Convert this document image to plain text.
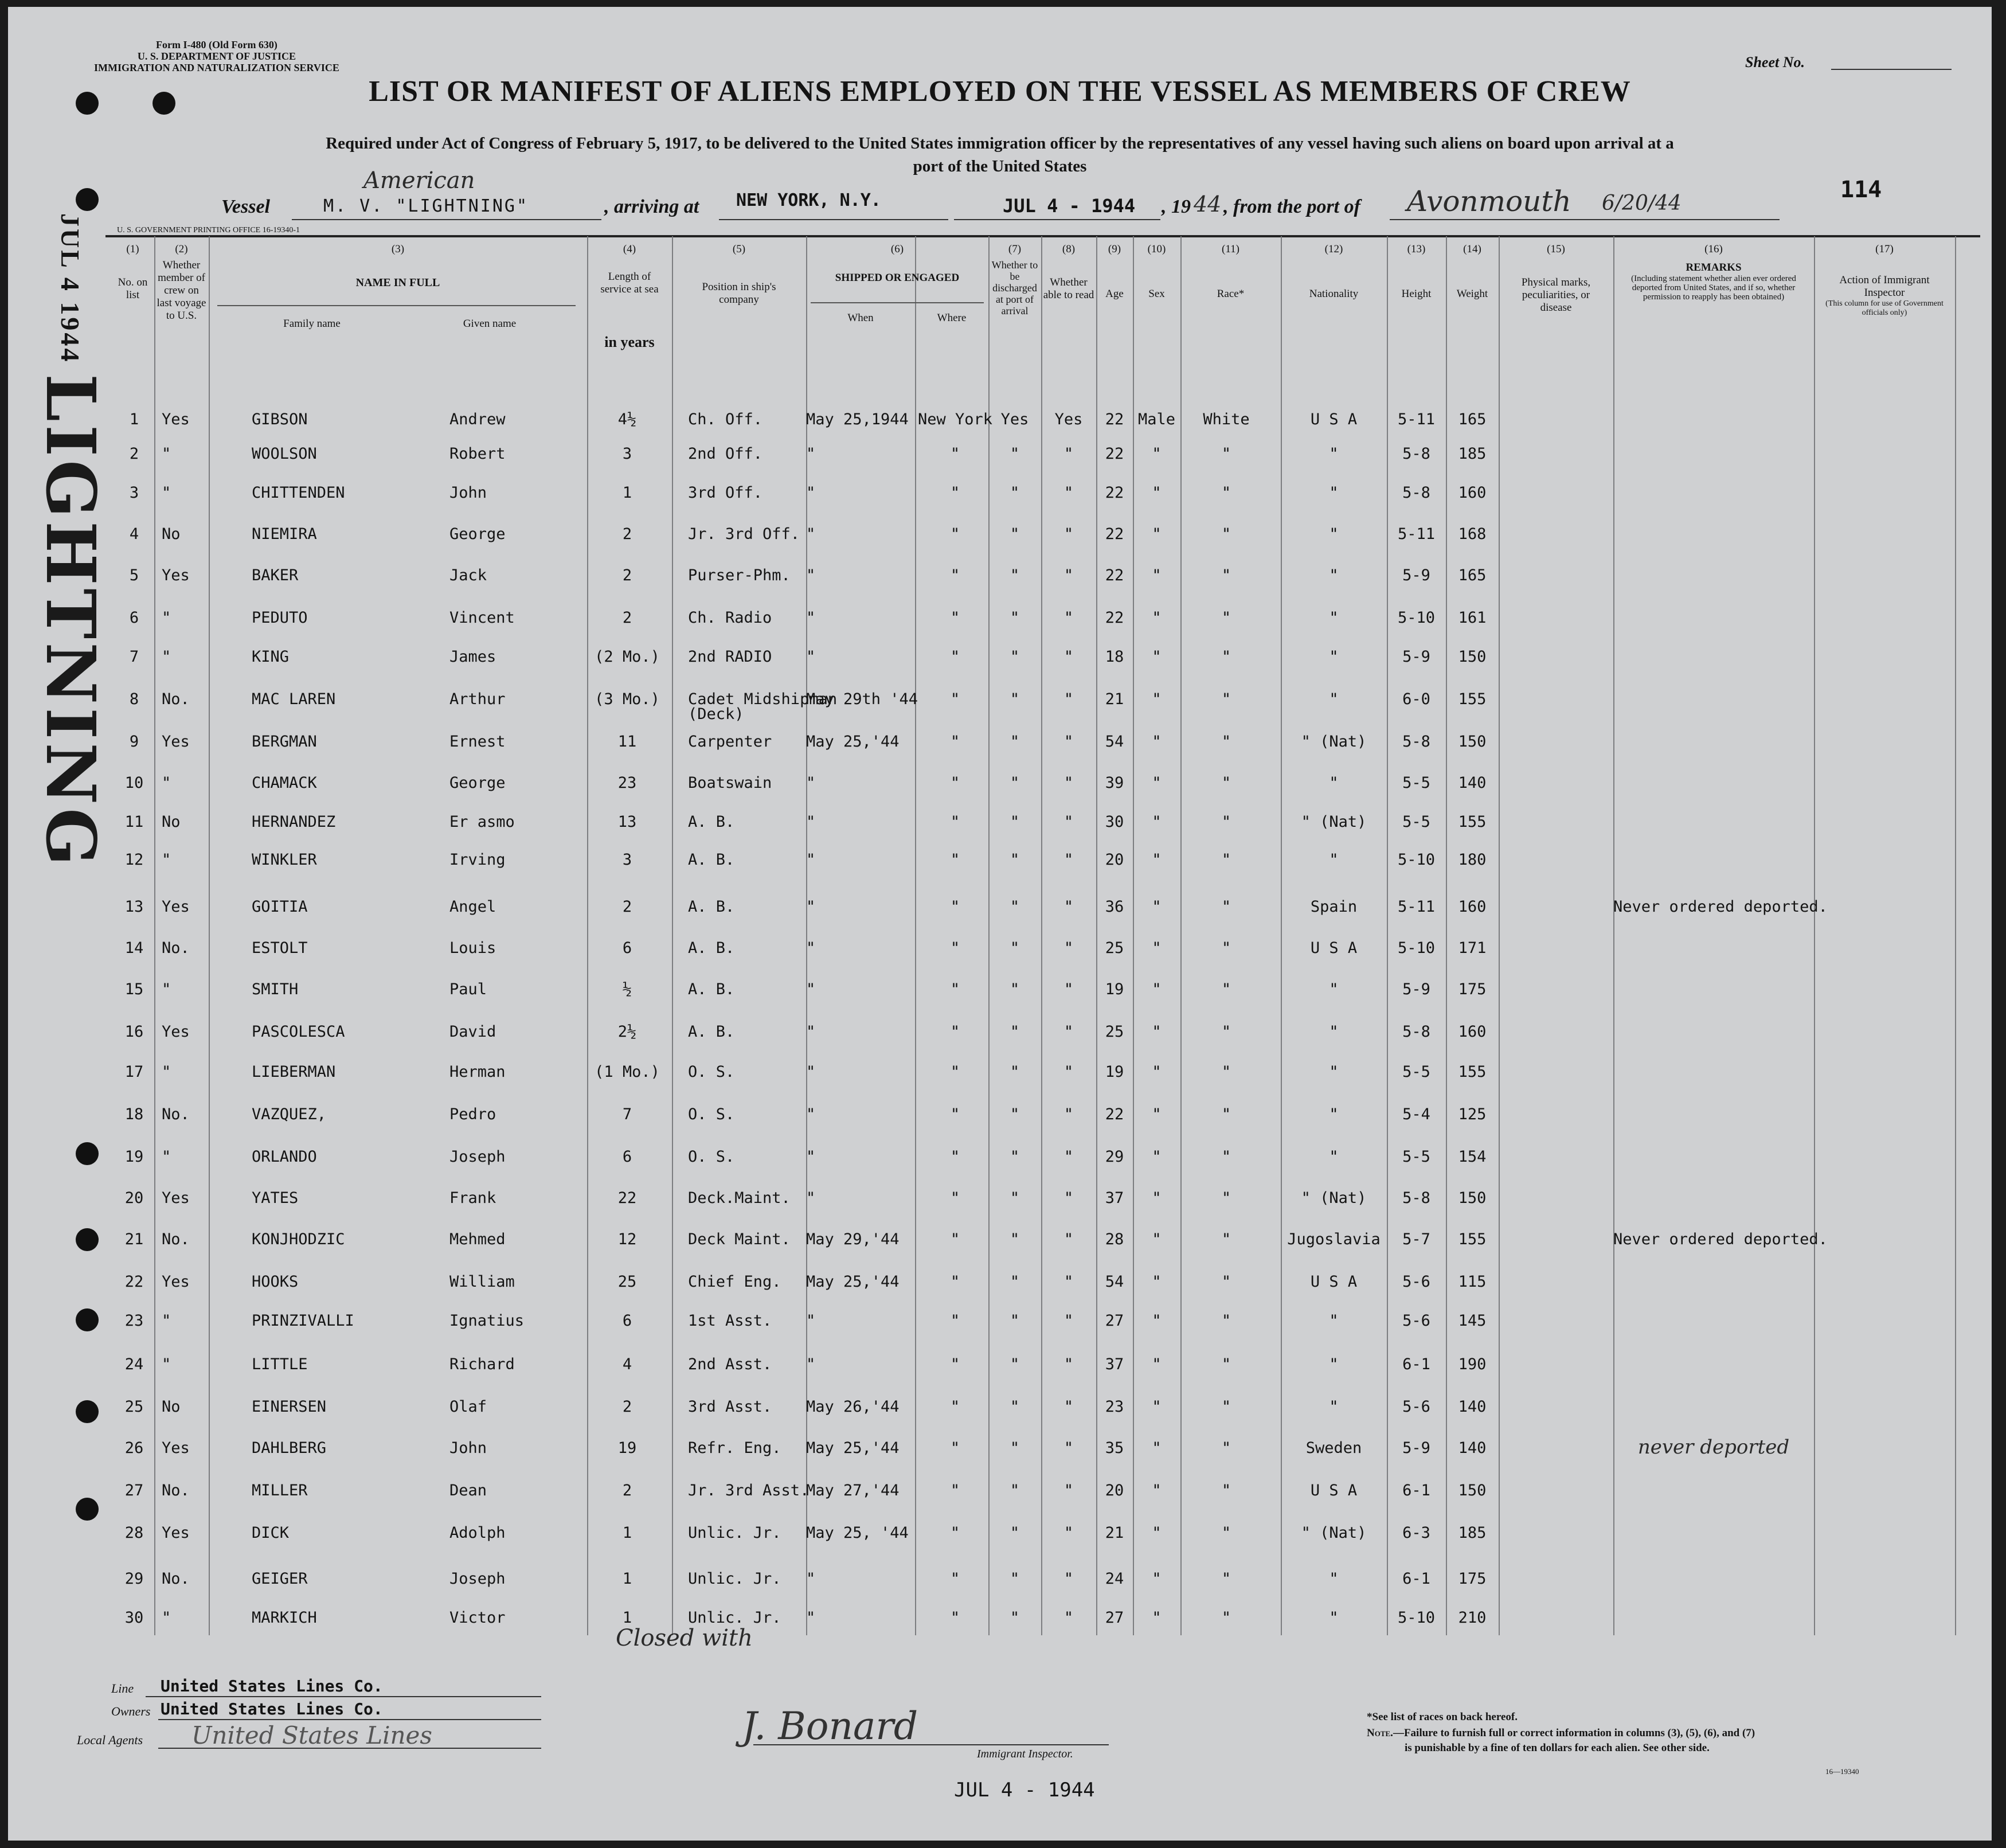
JUL 4 1944
LIGHTNING
Form I-480 (Old Form 630)
U. S. DEPARTMENT OF JUSTICE
IMMIGRATION AND NATURALIZATION SERVICE	Sheet No.
LIST OR MANIFEST OF ALIENS EMPLOYED ON THE VESSEL AS MEMBERS OF CREW
Required under Act of Congress of February 5, 1917, to be delivered to the United States immigration officer by the representatives of any vessel having such aliens on board upon arrival at a
port of the United States
114
Vessel
American
M. V. "LIGHTNING"	, arriving at NEW YORK, N.Y.	JUL 4 - 1944 , 19 44 , from the port of Avonmouth 6/20/44
U. S. GOVERNMENT PRINTING OFFICE 16-19340-1
(1)
No. on list
(2)
Whether member of crew on last voyage to U.S.
(3)
NAME IN FULL
Family name	Given name
(4)
Length of service at sea
in years
(5)
Position in ship's company
(6)
SHIPPED OR ENGAGED
When	Where
(7)
Whether to be discharged at port of arrival
(8)
Whether able to read
(9)
Age
(10)
Sex
(11)
Race*
(12)
Nationality
(13)
Height
(14)
Weight
(15)
Physical marks, peculiarities, or disease
(16)
REMARKS
(Including statement whether alien ever ordered deported from United States, and if so, whether permission to reapply has been obtained)
(17)
Action of Immigrant Inspector
(This column for use of Government officials only)
1	Yes	GIBSON	Andrew	4½	Ch. Off.	May 25,1944 New York Yes	Yes	22 Male	White	U S A	5-11	165
2	"	WOOLSON	Robert	3	2nd Off.	"	"	"	"	22	"	"	"	5-8	185
3	"	CHITTENDEN	John	1	3rd Off.	"	"	"	"	22	"	"	"	5-8	160
4	No	NIEMIRA	George	2	Jr. 3rd Off. "	"	"	"	22	"	"	"	5-11	168
5	Yes	BAKER	Jack	2	Purser-Phm. "	"	"	"	22	"	"	"	5-9	165
6	"	PEDUTO	Vincent	2	Ch. Radio "	"	"	"	22	"	"	"	5-10	161
7	"	KING	James	(2 Mo.) 2nd RADIO "	"	"	"	18	"	"	"	5-9	150
8	No.	MAC LAREN	Arthur	(3 Mo.) Cadet Midshipman
(Deck)
May 29th '44	"	"	"	21	"	"	"	6-0	155
9	Yes	BERGMAN	Ernest	11	Carpenter May 25,'44	"	"	"	54	"	"	" (Nat)	5-8	150
10 "	CHAMACK	George	23	Boatswain "	"	"	"	39	"	"	"	5-5	140
11 No	HERNANDEZ	Er asmo	13	A. B.	"	"	"	"	30	"	"	" (Nat)	5-5	155
12 "	WINKLER	Irving	3	A. B.	"	"	"	"	20	"	"	"	5-10	180
13 Yes	GOITIA	Angel	2	A. B.	"	"	"	"	36	"	"	Spain	5-11	160	Never ordered deported.
14 No.	ESTOLT	Louis	6	A. B.	"	"	"	"	25	"	"	U S A	5-10	171
15 "	SMITH	Paul	½	A. B.	"	"	"	"	19	"	"	"	5-9	175
16 Yes	PASCOLESCA	David	2½	A. B.	"	"	"	"	25	"	"	"	5-8	160
17 "	LIEBERMAN	Herman	(1 Mo.) O. S.	"	"	"	"	19	"	"	"	5-5	155
18 No.	VAZQUEZ,	Pedro	7	O. S.	"	"	"	"	22	"	"	"	5-4	125
19 "	ORLANDO	Joseph	6	O. S.	"	"	"	"	29	"	"	"	5-5	154
20 Yes	YATES	Frank	22	Deck.Maint. "	"	"	"	37	"	"	" (Nat)	5-8	150
21 No.	KONJHODZIC	Mehmed	12	Deck Maint. May 29,'44	"	"	"	28	"	"	Jugoslavia	5-7	155	Never ordered deported.
22 Yes	HOOKS	William	25	Chief Eng. May 25,'44	"	"	"	54	"	"	U S A	5-6	115
23 "	PRINZIVALLI	Ignatius	6	1st Asst. "	"	"	"	27	"	"	"	5-6	145
24 "	LITTLE	Richard	4	2nd Asst. "	"	"	"	37	"	"	"	6-1	190
25 No	EINERSEN	Olaf	2	3rd Asst. May 26,'44	"	"	"	23	"	"	"	5-6	140
26 Yes	DAHLBERG	John	19	Refr. Eng. May 25,'44	"	"	"	35	"	"	Sweden	5-9	140	never deported
27 No.	MILLER	Dean	2	Jr. 3rd Asst.
May 27,'44	"	"	"	20	"	"	U S A	6-1	150
28 Yes	DICK	Adolph	1	Unlic. Jr. May 25, '44	"	"	"	21	"	"	" (Nat)	6-3	185
29 No.	GEIGER	Joseph	1	Unlic. Jr. "	"	"	"	24	"	"	"	6-1	175
30 "	MARKICH	Victor	1	Unlic. Jr. "	"	"	"	27	"	"	"	5-10	210
Closed with
Line United States Lines Co.
Owners United States Lines Co.
Local Agents United States Lines	J. Bonard
Immigrant Inspector.
JUL 4 - 1944
*See list of races on back hereof.
Note.—Failure to furnish full or correct information in columns (3), (5), (6), and (7)
is punishable by a fine of ten dollars for each alien. See other side.
16—19340
